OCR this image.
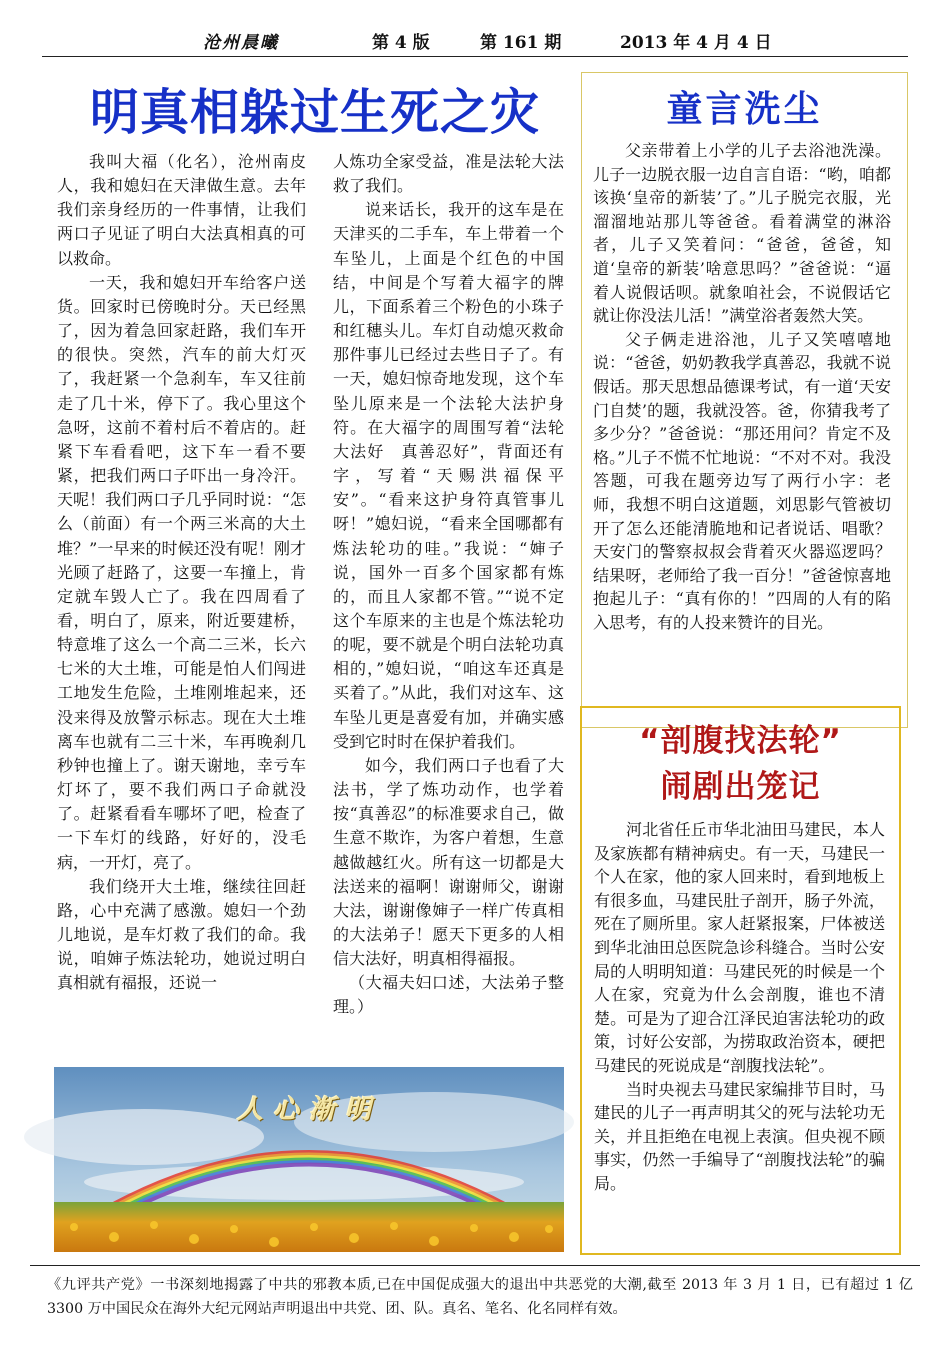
沧州晨曦	第 4 版	第 161 期	2013 年 4 月 4 日
明真相躲过生死之灾

我叫大福（化名），沧州南皮人，我和媳妇在天津做生意。去年我们亲身经历的一件事情，让我们两口子见证了明白大法真相真的可以救命。

一天，我和媳妇开车给客户送货。回家时已傍晚时分。天已经黑了，因为着急回家赶路，我们车开的很快。突然，汽车的前大灯灭了，我赶紧一个急刹车，车又往前走了几十米，停下了。我心里这个急呀，这前不着村后不着店的。赶紧下车看看吧，这下车一看不要紧，把我们两口子吓出一身冷汗。天呢！我们两口子几乎同时说：“怎么（前面）有一个两三米高的大土堆？”一早来的时候还没有呢！刚才光顾了赶路了，这要一车撞上，肯定就车毁人亡了。我在四周看了看，明白了，原来，附近要建桥，特意堆了这么一个高二三米，长六七米的大土堆，可能是怕人们闯进工地发生危险，土堆刚堆起来，还没来得及放警示标志。现在大土堆离车也就有二三十米，车再晚刹几秒钟也撞上了。谢天谢地，幸亏车灯坏了，要不我们两口子命就没了。赶紧看看车哪坏了吧，检查了一下车灯的线路，好好的，没毛病，一开灯，亮了。

我们绕开大土堆，继续往回赶路，心中充满了感激。媳妇一个劲儿地说，是车灯救了我们的命。我说，咱婶子炼法轮功，她说过明白真相就有福报，还说一

人炼功全家受益，准是法轮大法救了我们。

说来话长，我开的这车是在天津买的二手车，车上带着一个车坠儿，上面是个红色的中国结，中间是个写着大福字的牌儿，下面系着三个粉色的小珠子和红穗头儿。车灯自动熄灭救命那件事儿已经过去些日子了。有一天，媳妇惊奇地发现，这个车坠儿原来是一个法轮大法护身符。在大福字的周围写着“法轮大法好　真善忍好”，背面还有字，写着“天赐洪福保平安”。“看来这护身符真管事儿呀！”媳妇说，“看来全国哪都有炼法轮功的哇。”我说：“婶子说，国外一百多个国家都有炼的，而且人家都不管。”“说不定这个车原来的主也是个炼法轮功的呢，要不就是个明白法轮功真相的，”媳妇说，“咱这车还真是买着了。”从此，我们对这车、这车坠儿更是喜爱有加，并确实感受到它时时在保护着我们。

如今，我们两口子也看了大法书，学了炼功动作，也学着按“真善忍”的标准要求自己，做生意不欺诈，为客户着想，生意越做越红火。所有这一切都是大法送来的福啊！谢谢师父，谢谢大法，谢谢像婶子一样广传真相的大法弟子！愿天下更多的人相信大法好，明真相得福报。

（大福夫妇口述，大法弟子整理。）

童言洗尘

父亲带着上小学的儿子去浴池洗澡。儿子一边脱衣服一边自言自语：“哟，咱都该换‘皇帝的新装’了。”儿子脱完衣服，光溜溜地站那儿等爸爸。看着满堂的淋浴者，儿子又笑着问：“爸爸，爸爸，知道‘皇帝的新装’啥意思吗？”爸爸说：“逼着人说假话呗。就象咱社会，不说假话它就让你没法儿活！”满堂浴者轰然大笑。

父子俩走进浴池，儿子又笑嘻嘻地说：“爸爸，奶奶教我学真善忍，我就不说假话。那天思想品德课考试，有一道‘天安门自焚’的题，我就没答。爸，你猜我考了多少分？”爸爸说：“那还用问？肯定不及格。”儿子不慌不忙地说：“不对不对。我没答题，可我在题旁边写了两行小字：老师，我想不明白这道题，刘思影气管被切开了怎么还能清脆地和记者说话、唱歌？天安门的警察叔叔会背着灭火器巡逻吗？结果呀，老师给了我一百分！”爸爸惊喜地抱起儿子：“真有你的！”四周的人有的陷入思考，有的人投来赞许的目光。

“剖腹找法轮”
闹剧出笼记

河北省任丘市华北油田马建民，本人及家族都有精神病史。有一天，马建民一个人在家，他的家人回来时，看到地板上有很多血，马建民肚子剖开，肠子外流，死在了厕所里。家人赶紧报案，尸体被送到华北油田总医院急诊科缝合。当时公安局的人明明知道：马建民死的时候是一个人在家，究竟为什么会剖腹，谁也不清楚。可是为了迎合江泽民迫害法轮功的政策，讨好公安部，为捞取政治资本，硬把马建民的死说成是“剖腹找法轮”。

当时央视去马建民家编排节目时，马建民的儿子一再声明其父的死与法轮功无关，并且拒绝在电视上表演。但央视不顾事实，仍然一手编导了“剖腹找法轮”的骗局。

人心渐明
《九评共产党》一书深刻地揭露了中共的邪教本质,已在中国促成强大的退出中共恶党的大潮,截至 2013 年 3 月 1 日，已有超过 1 亿 3300 万中国民众在海外大纪元网站声明退出中共党、团、队。真名、笔名、化名同样有效。
